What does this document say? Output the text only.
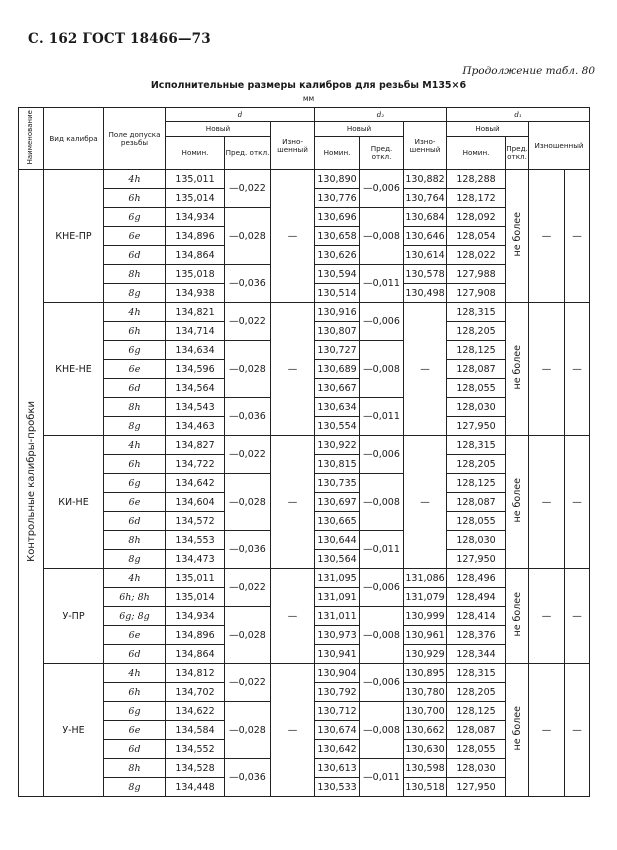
С. 162 ГОСТ 18466—73
Продолжение табл. 80
Исполнительные размеры калибров для резьбы М135×6
мм
Наименование	Вид калибра	Поле допуска резьбы	d			d₂			d₁			
			Новый		Изношенный	Новый		Изношенный	Новый		Изношенный	
			Номин.	Пред. откл.		Номин.	Пред. откл.		Номин.	Пред. откл.		
Контрольные калибры-пробки	КНЕ-ПР	4h	135,011	—0,022	—	130,890	—0,006	130,882	128,288	не более	—	—
		6h	135,014			130,776		130,764	128,172			
		6g	134,934	—0,028		130,696	—0,008	130,684	128,092			
		6e	134,896			130,658		130,646	128,054			
		6d	134,864			130,626		130,614	128,022			
		8h	135,018	—0,036		130,594	—0,011	130,578	127,988			
		8g	134,938			130,514		130,498	127,908			
	КНЕ-НЕ	4h	134,821	—0,022	—	130,916	—0,006	—	128,315	не более	—	—
		6h	134,714			130,807			128,205			
		6g	134,634	—0,028		130,727	—0,008		128,125			
		6e	134,596			130,689			128,087			
		6d	134,564			130,667			128,055			
		8h	134,543	—0,036		130,634	—0,011		128,030			
		8g	134,463			130,554			127,950			
	КИ-НЕ	4h	134,827	—0,022	—	130,922	—0,006	—	128,315	не более	—	—
		6h	134,722			130,815			128,205			
		6g	134,642	—0,028		130,735	—0,008		128,125			
		6e	134,604			130,697			128,087			
		6d	134,572			130,665			128,055			
		8h	134,553	—0,036		130,644	—0,011		128,030			
		8g	134,473			130,564			127,950			
	У-ПР	4h	135,011	—0,022	—	131,095	—0,006	131,086	128,496	не более	—	—
		6h; 8h	135,014			131,091		131,079	128,494			
		6g; 8g	134,934	—0,028		131,011	—0,008	130,999	128,414			
		6e	134,896			130,973		130,961	128,376			
		6d	134,864			130,941		130,929	128,344			
	У-НЕ	4h	134,812	—0,022	—	130,904	—0,006	130,895	128,315	не более	—	—
		6h	134,702			130,792		130,780	128,205			
		6g	134,622	—0,028		130,712	—0,008	130,700	128,125			
		6e	134,584			130,674		130,662	128,087			
		6d	134,552			130,642		130,630	128,055			
		8h	134,528	—0,036		130,613	—0,011	130,598	128,030			
		8g	134,448			130,533		130,518	127,950			
